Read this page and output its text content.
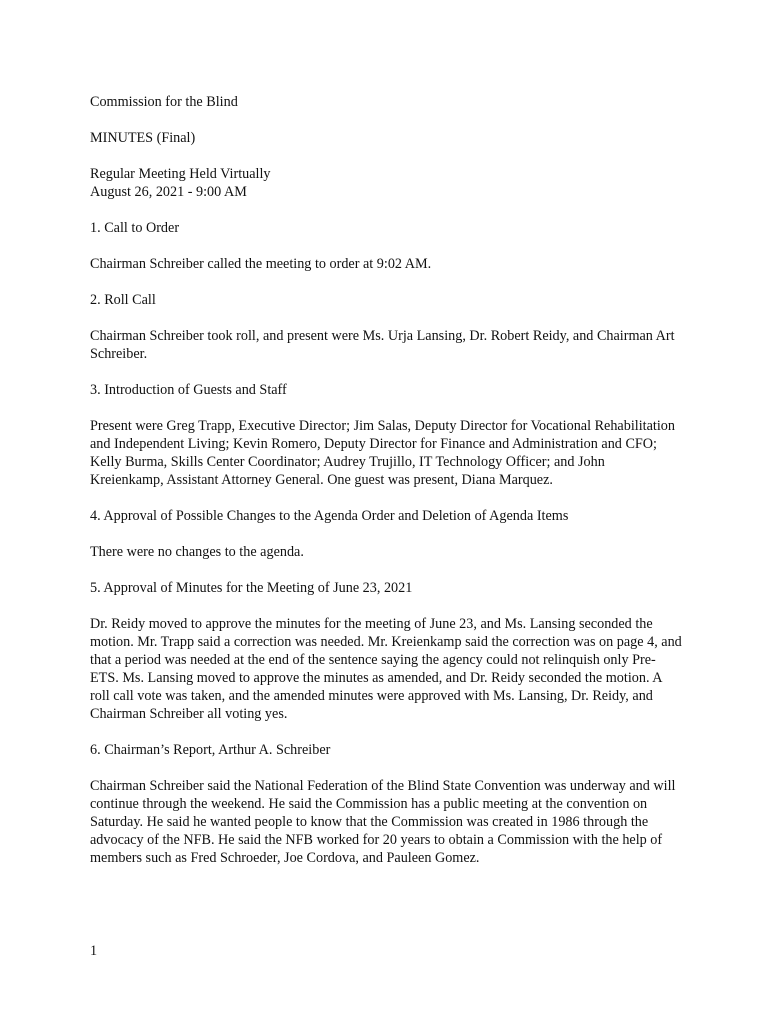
Commission for the Blind

MINUTES (Final)

Regular Meeting Held Virtually

August 26, 2021 - 9:00 AM

1. Call to Order

Chairman Schreiber called the meeting to order at 9:02 AM.

2. Roll Call

Chairman Schreiber took roll, and present were Ms. Urja Lansing, Dr. Robert Reidy, and Chairman Art Schreiber.

3. Introduction of Guests and Staff

Present were Greg Trapp, Executive Director; Jim Salas, Deputy Director for Vocational Rehabilitation and Independent Living; Kevin Romero, Deputy Director for Finance and Administration and CFO; Kelly Burma, Skills Center Coordinator; Audrey Trujillo, IT Technology Officer; and John Kreienkamp, Assistant Attorney General. One guest was present, Diana Marquez.

4. Approval of Possible Changes to the Agenda Order and Deletion of Agenda Items

There were no changes to the agenda.

5. Approval of Minutes for the Meeting of June 23, 2021

Dr. Reidy moved to approve the minutes for the meeting of June 23, and Ms. Lansing seconded the motion. Mr. Trapp said a correction was needed. Mr. Kreienkamp said the correction was on page 4, and that a period was needed at the end of the sentence saying the agency could not relinquish only Pre-ETS. Ms. Lansing moved to approve the minutes as amended, and Dr. Reidy seconded the motion. A roll call vote was taken, and the amended minutes were approved with Ms. Lansing, Dr. Reidy, and Chairman Schreiber all voting yes.

6. Chairman’s Report, Arthur A. Schreiber

Chairman Schreiber said the National Federation of the Blind State Convention was underway and will continue through the weekend. He said the Commission has a public meeting at the convention on Saturday. He said he wanted people to know that the Commission was created in 1986 through the advocacy of the NFB. He said the NFB worked for 20 years to obtain a Commission with the help of members such as Fred Schroeder, Joe Cordova, and Pauleen Gomez.

1
